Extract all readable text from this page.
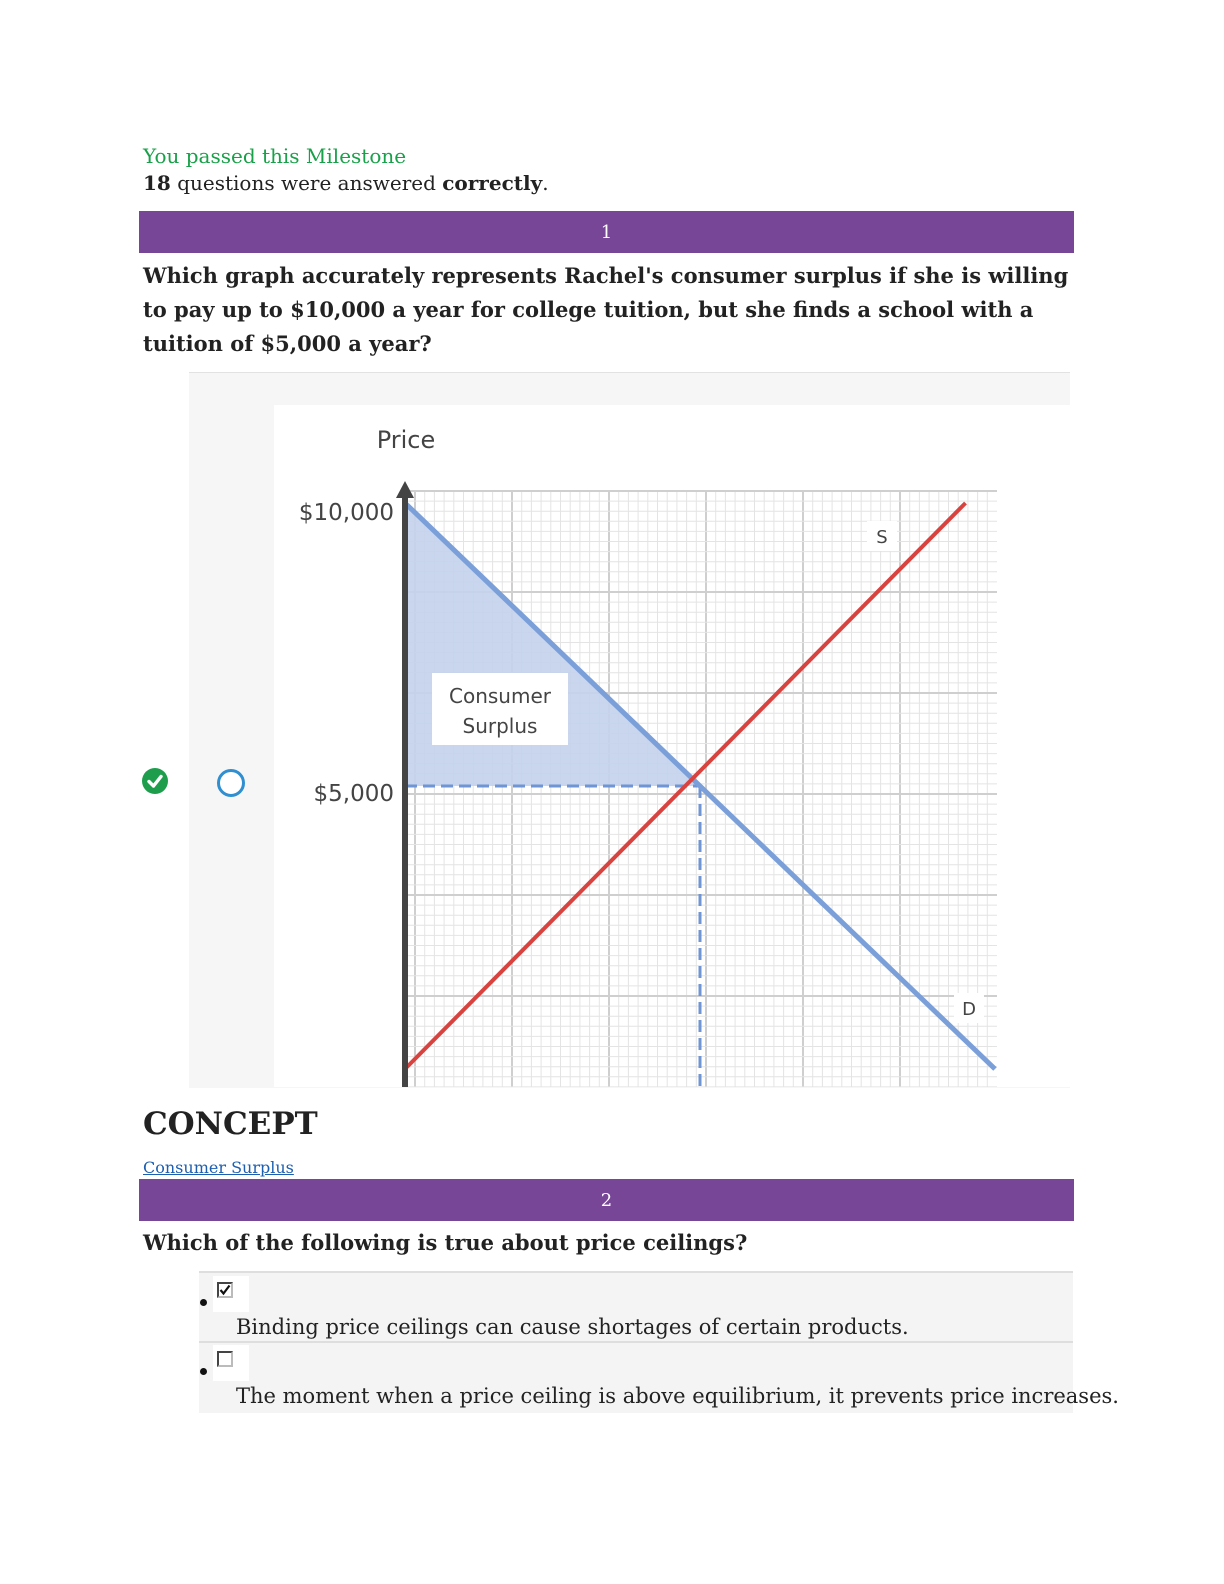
You passed this Milestone
18 questions were answered correctly.
1
Which graph accurately represents Rachel's consumer surplus if she is willing to pay up to $10,000 a year for college tuition, but she finds a school with a tuition of $5,000 a year?
Price
$10,000
$5,000
Consumer
Surplus
S
D
CONCEPT
Consumer Surplus
2
Which of the following is true about price ceilings?
Binding price ceilings can cause shortages of certain products.
The moment when a price ceiling is above equilibrium, it prevents price increases.
